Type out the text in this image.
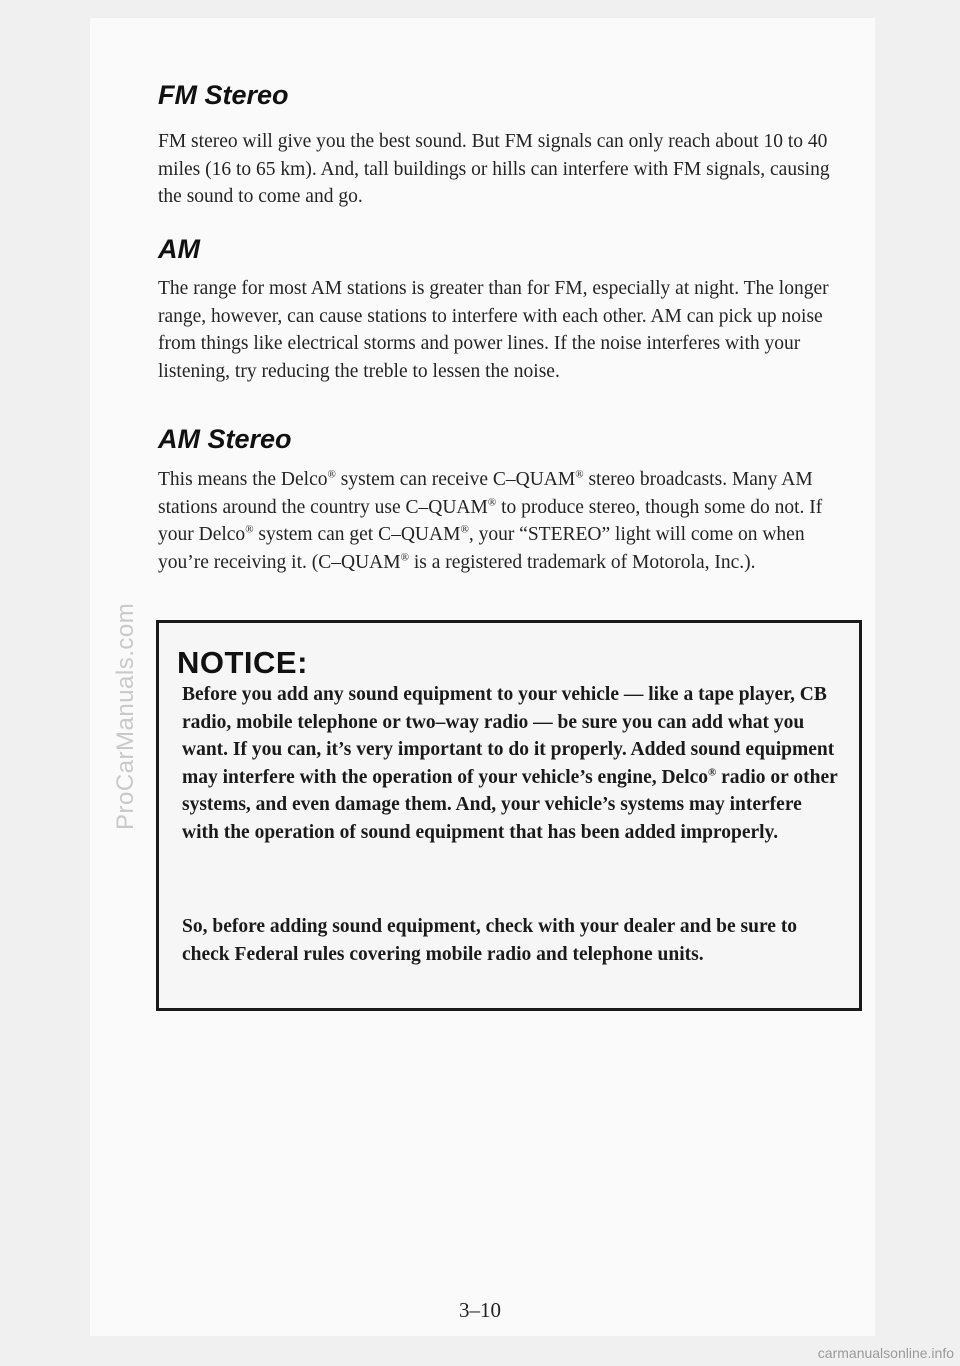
ProCarManuals.com
FM Stereo

FM stereo will give you the best sound. But FM signals can only reach about 10 to 40 miles (16 to 65 km). And, tall buildings or hills can interfere with FM signals, causing the sound to come and go.

AM

The range for most AM stations is greater than for FM, especially at night. The longer range, however, can cause stations to interfere with each other. AM can pick up noise from things like electrical storms and power lines. If the noise interferes with your listening, try reducing the treble to lessen the noise.

AM Stereo

This means the Delco® system can receive C–QUAM® stereo broadcasts. Many AM stations around the country use C–QUAM® to produce stereo, though some do not. If your Delco® system can get C–QUAM®, your “STEREO” light will come on when you’re receiving it. (C–QUAM® is a registered trademark of Motorola, Inc.).

NOTICE:

Before you add any sound equipment to your vehicle — like a tape player, CB radio, mobile telephone or two–way radio — be sure you can add what you want. If you can, it’s very important to do it properly. Added sound equipment may interfere with the operation of your vehicle’s engine, Delco® radio or other systems, and even damage them. And, your vehicle’s systems may interfere with the operation of sound equipment that has been added improperly.

So, before adding sound equipment, check with your dealer and be sure to check Federal rules covering mobile radio and telephone units.

3–10
carmanualsonline.info
